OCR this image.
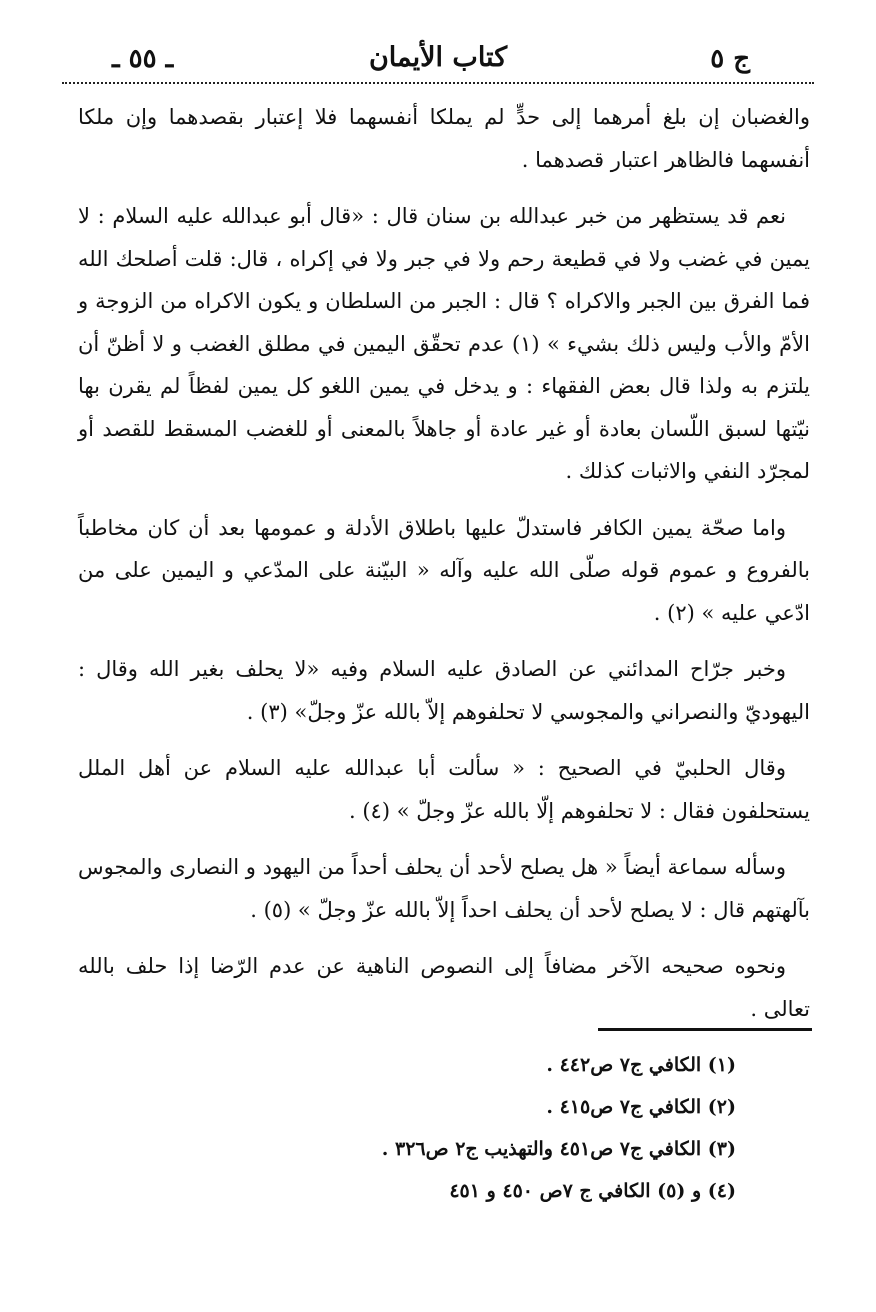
ج ٥
كتاب الأيمان
ـ ٥٥ ـ

والغضبان إن بلغ أمرهما إلى حدٍّ لم يملكا أنفسهما فلا إعتبار بقصدهما وإن ملكا أنفسهما فالظاهر اعتبار قصدهما .

نعم قد يستظهر من خبر عبدالله بن سنان قال : «قال أبو عبدالله عليه السلام : لا يمين في غضب ولا في قطيعة رحم ولا في جبر ولا في إكراه ، قال: قلت أصلحك الله فما الفرق بين الجبر والاكراه ؟ قال : الجبر من السلطان و يكون الاكراه من الزوجة و الأمّ والأب وليس ذلك بشيء » (١) عدم تحقّق اليمين في مطلق الغضب و لا أظنّ أن يلتزم به ولذا قال بعض الفقهاء : و يدخل في يمين اللغو كل يمين لفظاً لم يقرن بها نيّتها لسبق اللّسان بعادة أو غير عادة أو جاهلاً بالمعنى أو للغضب المسقط للقصد أو لمجرّد النفي والاثبات كذلك .

واما صحّة يمين الكافر فاستدلّ عليها باطلاق الأدلة و عمومها بعد أن كان مخاطباً بالفروع و عموم قوله صلّى الله عليه وآله « البيّنة على المدّعي و اليمين على من ادّعي عليه » (٢) .

وخبر جرّاح المدائني عن الصادق عليه السلام وفيه «لا يحلف بغير الله وقال : اليهوديّ والنصراني والمجوسي لا تحلفوهم إلاّ بالله عزّ وجلّ» (٣) .

وقال الحلبيّ في الصحيح : « سألت أبا عبدالله عليه السلام عن أهل الملل يستحلفون فقال : لا تحلفوهم إلّا بالله عزّ وجلّ » (٤) .

وسأله سماعة أيضاً « هل يصلح لأحد أن يحلف أحداً من اليهود و النصارى والمجوس بآلهتهم قال : لا يصلح لأحد أن يحلف احداً إلاّ بالله عزّ وجلّ » (٥) .

ونحوه صحيحه الآخر مضافاً إلى النصوص الناهية عن عدم الرّضا إذا حلف بالله تعالى .

(١) الكافي ج٧ ص٤٤٢ .
(٢) الكافي ج٧ ص٤١٥ .
(٣) الكافي ج٧ ص٤٥١ والتهذيب ج٢ ص٣٢٦ .
(٤) و (٥) الكافي ج ٧ص ٤٥٠ و ٤٥١
